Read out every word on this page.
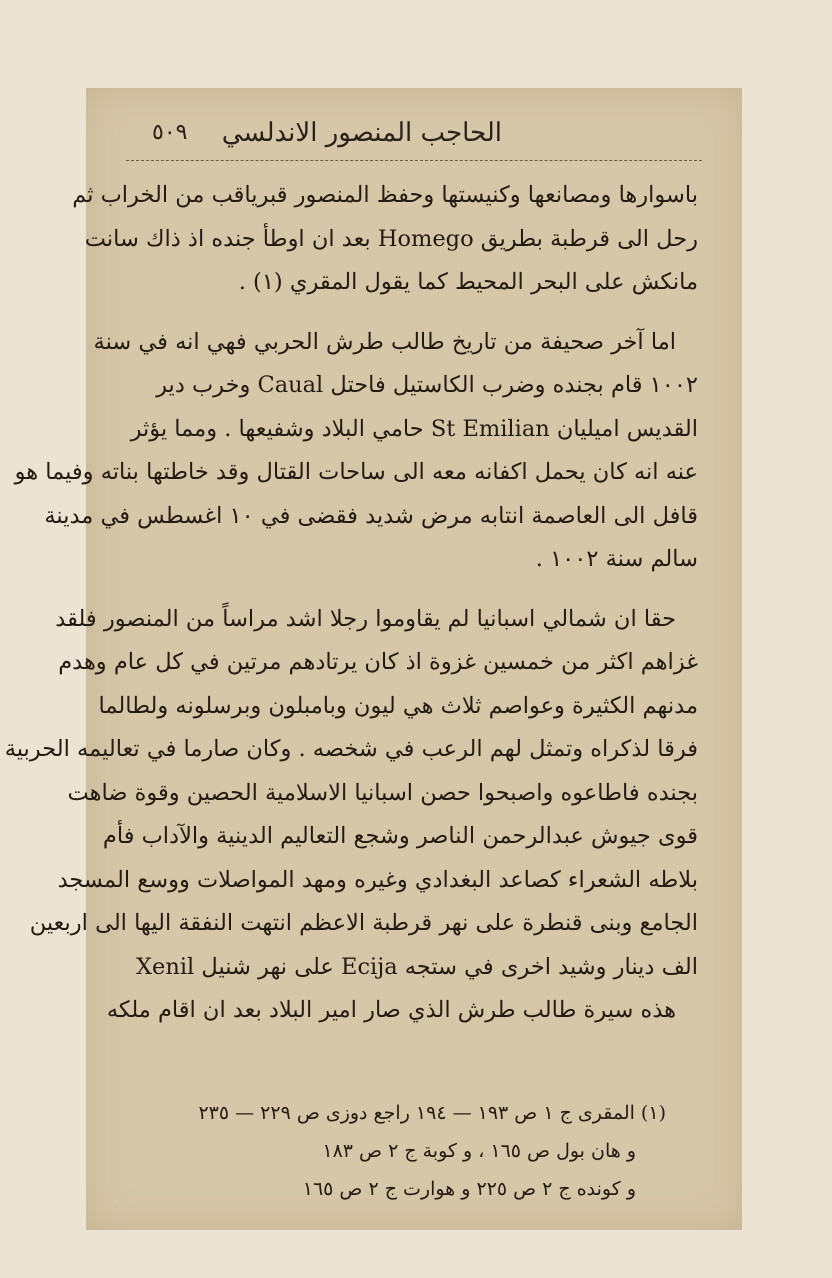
الحاجب المنصور الاندلسي
٥٠٩
باسوارها ومصانعها وكنيستها وحفظ المنصور قبرياقب من الخراب ثم
رحل الى قرطبة بطريق Homego بعد ان اوطأ جنده اذ ذاك سانت
مانكش على البحر المحيط كما يقول المقري (١) .
اما آخر صحيفة من تاريخ طالب طرش الحربي فهي انه في سنة
١٠٠٢ قام بجنده وضرب الكاستيل فاحتل Caual وخرب دير
القديس اميليان St Emilian حامي البلاد وشفيعها . ومما يؤثر
عنه انه كان يحمل اكفانه معه الى ساحات القتال وقد خاطتها بناته وفيما هو
قافل الى العاصمة انتابه مرض شديد فقضى في ١٠ اغسطس في مدينة
سالم سنة ١٠٠٢ .
حقا ان شمالي اسبانيا لم يقاوموا رجلا اشد مراساً من المنصور فلقد
غزاهم اكثر من خمسين غزوة اذ كان يرتادهم مرتين في كل عام وهدم
مدنهم الكثيرة وعواصم ثلاث هي ليون وبامبلون وبرسلونه ولطالما
فرقا لذكراه وتمثل لهم الرعب في شخصه . وكان صارما في تعاليمه الحربية
بجنده فاطاعوه واصبحوا حصن اسبانيا الاسلامية الحصين وقوة ضاهت
قوى جيوش عبدالرحمن الناصر وشجع التعاليم الدينية والآداب فأم
بلاطه الشعراء كصاعد البغدادي وغيره ومهد المواصلات ووسع المسجد
الجامع وبنى قنطرة على نهر قرطبة الاعظم انتهت النفقة اليها الى اربعين
الف دينار وشيد اخرى في ستجه Ecija على نهر شنيل Xenil
هذه سيرة طالب طرش الذي صار امير البلاد بعد ان اقام ملكه
(١) المقرى ج ١ ص ١٩٣ — ١٩٤ راجع دوزى ص ٢٢٩ — ٢٣٥
و هان بول ص ١٦٥ ، و كوبة ج ٢ ص ١٨٣
و كونده ج ٢ ص ٢٢٥ و هوارت ج ٢ ص ١٦٥
